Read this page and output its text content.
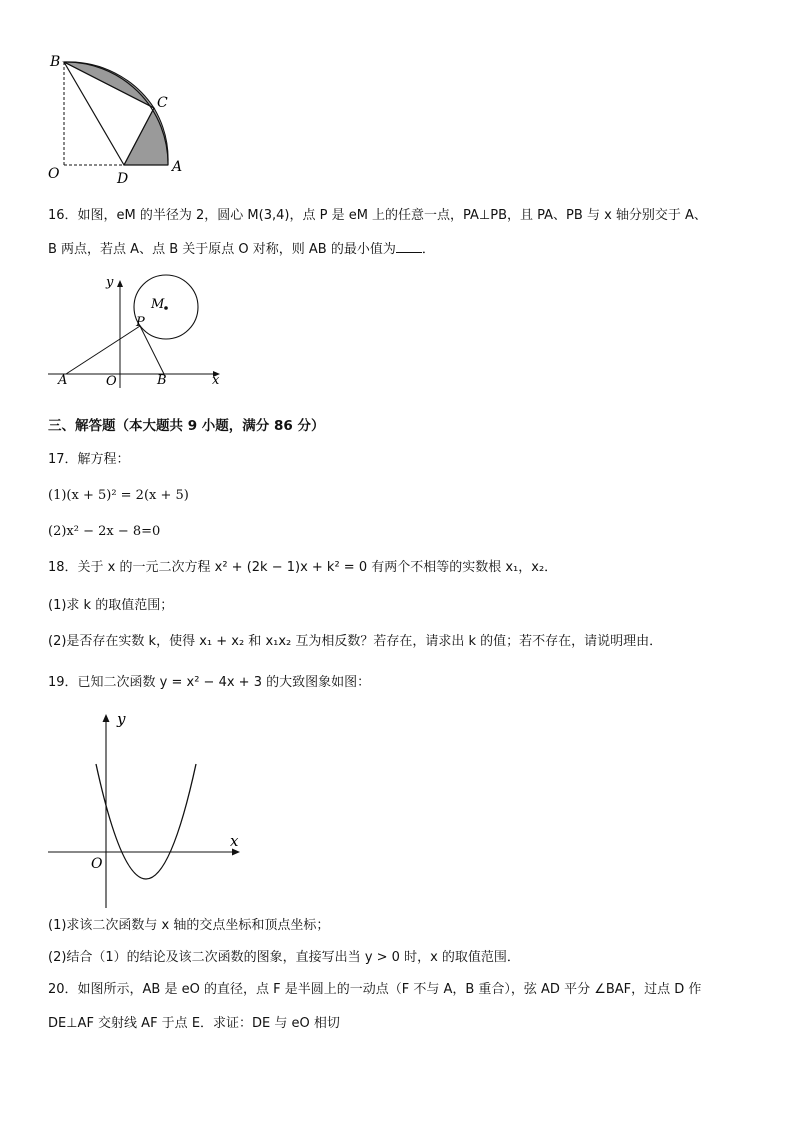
B
C
O	D
A
16．如图，eM 的半径为 2，圆心 M(3,4)，点 P 是 eM 上的任意一点，PA⊥PB，且 PA、PB 与 x 轴分别交于 A、
B 两点，若点 A、点 B 关于原点 O 对称，则 AB 的最小值为 ．
y
M
P
A	O	B	x
三、解答题（本大题共 9 小题，满分 86 分）
17．解方程：
(1)(x + 5)² = 2(x + 5)
(2)x² − 2x − 8=0
18．关于 x 的一元二次方程 x² + (2k − 1)x + k² = 0 有两个不相等的实数根 x₁，x₂．
(1)求 k 的取值范围；
(2)是否存在实数 k，使得 x₁ + x₂ 和 x₁x₂ 互为相反数？若存在，请求出 k 的值；若不存在，请说明理由．
19．已知二次函数 y = x² − 4x + 3 的大致图象如图：
y
x
O
(1)求该二次函数与 x 轴的交点坐标和顶点坐标；
(2)结合（1）的结论及该二次函数的图象，直接写出当 y > 0 时，x 的取值范围．
20．如图所示，AB 是 eO 的直径，点 F 是半圆上的一动点（F 不与 A，B 重合），弦 AD 平分 ∠BAF，过点 D 作
DE⊥AF 交射线 AF 于点 E．求证：DE 与 eO 相切
